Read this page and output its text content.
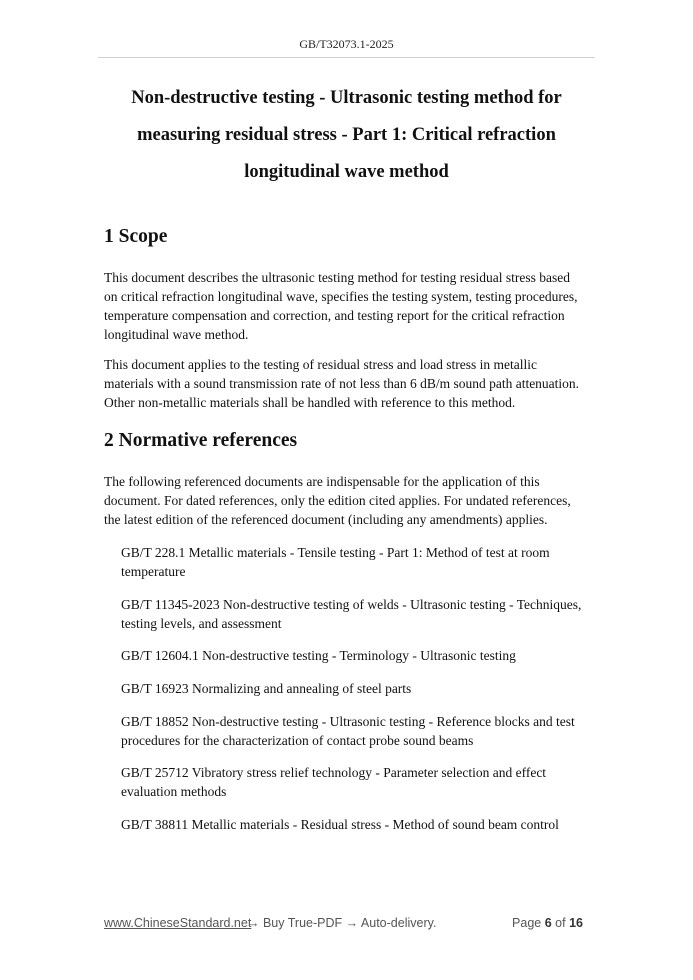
GB/T32073.1-2025
Non-destructive testing - Ultrasonic testing method for
measuring residual stress - Part 1: Critical refraction
longitudinal wave method
1 Scope
This document describes the ultrasonic testing method for testing residual stress based
on critical refraction longitudinal wave, specifies the testing system, testing procedures,
temperature compensation and correction, and testing report for the critical refraction
longitudinal wave method.
This document applies to the testing of residual stress and load stress in metallic
materials with a sound transmission rate of not less than 6 dB/m sound path attenuation.
Other non-metallic materials shall be handled with reference to this method.
2 Normative references
The following referenced documents are indispensable for the application of this
document. For dated references, only the edition cited applies. For undated references,
the latest edition of the referenced document (including any amendments) applies.
GB/T 228.1 Metallic materials - Tensile testing - Part 1: Method of test at room
temperature
GB/T 11345-2023 Non-destructive testing of welds - Ultrasonic testing - Techniques,
testing levels, and assessment
GB/T 12604.1 Non-destructive testing - Terminology - Ultrasonic testing
GB/T 16923 Normalizing and annealing of steel parts
GB/T 18852 Non-destructive testing - Ultrasonic testing - Reference blocks and test
procedures for the characterization of contact probe sound beams
GB/T 25712 Vibratory stress relief technology - Parameter selection and effect
evaluation methods
GB/T 38811 Metallic materials - Residual stress - Method of sound beam control
www.ChineseStandard.net
→ Buy True-PDF → Auto-delivery.	Page 6 of 16
